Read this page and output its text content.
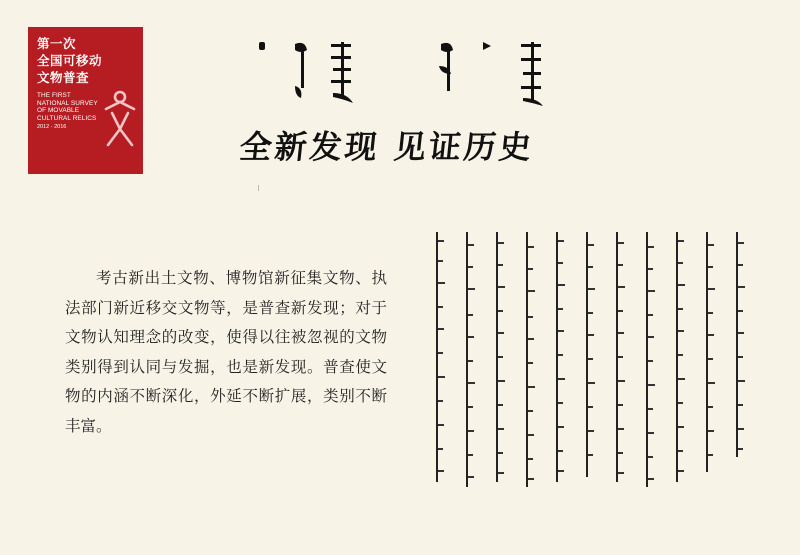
第一次
全国可移动
文物普查
THE FIRST
NATIONAL SURVEY
OF MOVABLE
CULTURAL RELICS
2012 - 2016
全新发现 见证历史

考古新出土文物、博物馆新征集文物、执法部门新近移交文物等，是普查新发现；对于文物认知理念的改变，使得以往被忽视的文物类别得到认同与发掘，也是新发现。普查使文物的内涵不断深化，外延不断扩展，类别不断丰富。
